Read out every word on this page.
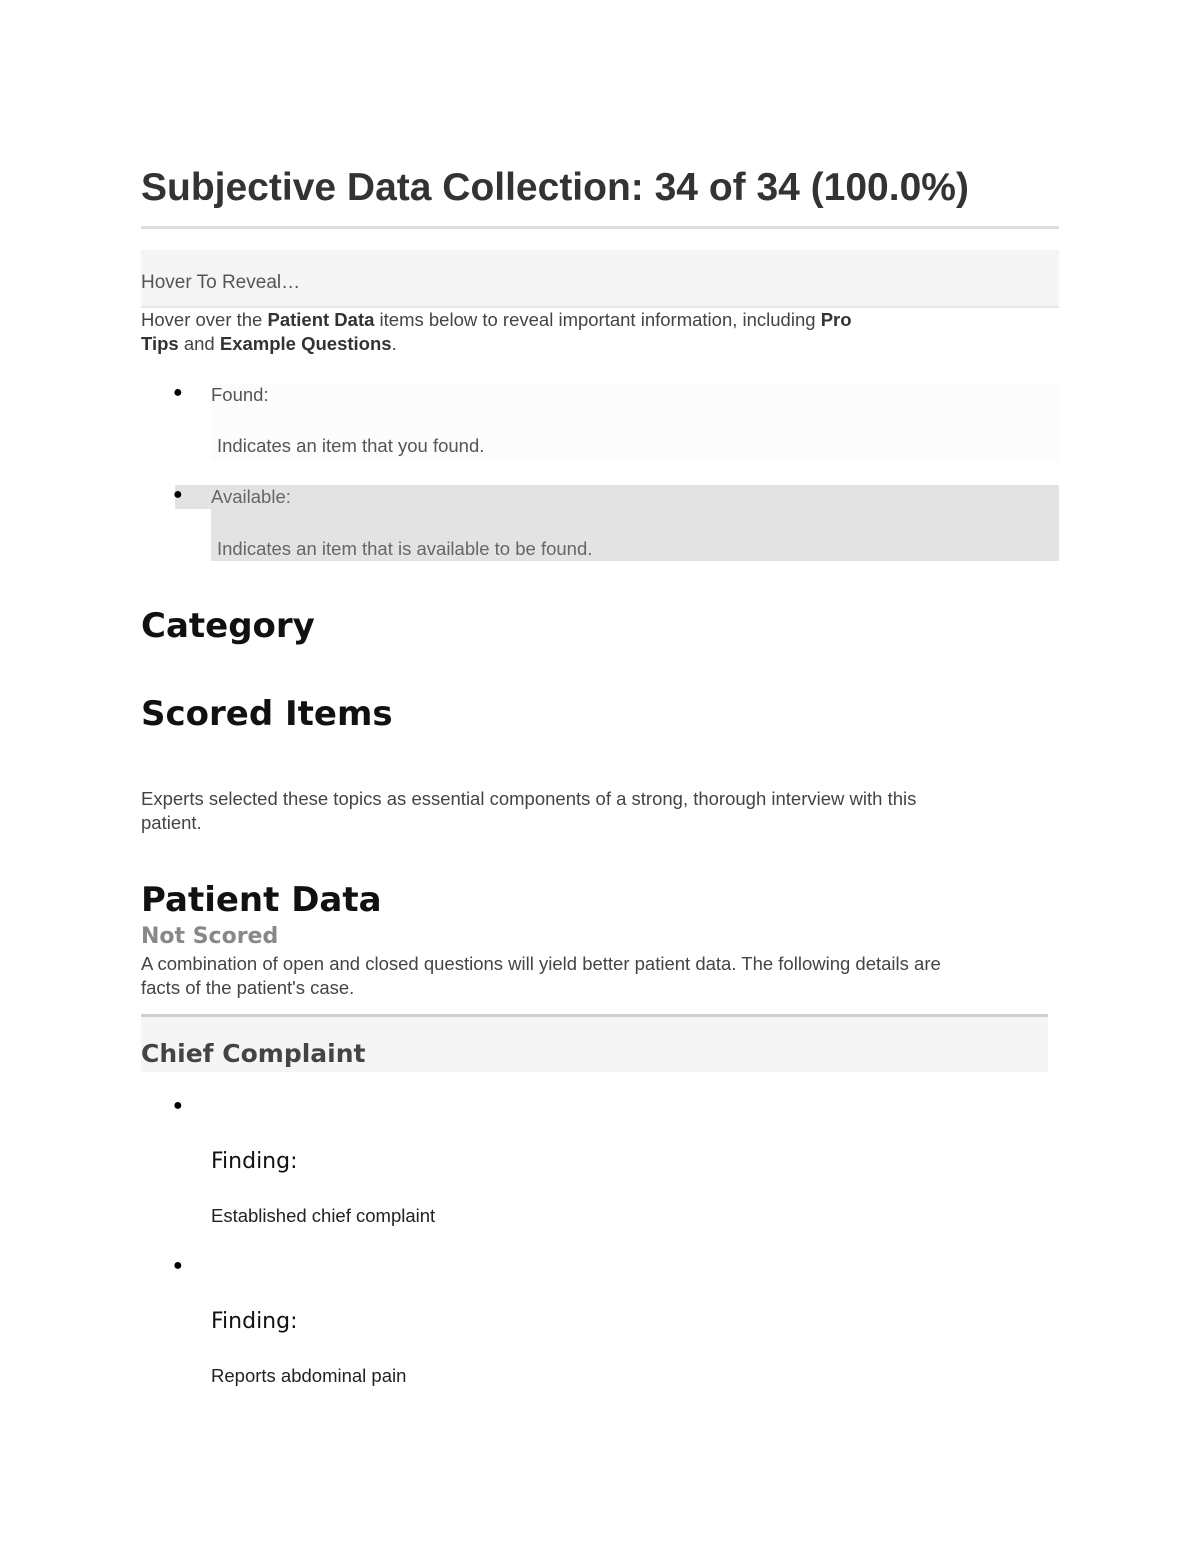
Subjective Data Collection: 34 of 34 (100.0%)
Hover To Reveal…
Hover over the Patient Data items below to reveal important information, including Pro
Tips and Example Questions.
● Found:
Indicates an item that you found.
● Available:
Indicates an item that is available to be found.
Category
Scored Items
Experts selected these topics as essential components of a strong, thorough interview with this
patient.
Patient Data
Not Scored
A combination of open and closed questions will yield better patient data. The following details are
facts of the patient's case.
Chief Complaint
●
Finding:
Established chief complaint
●
Finding:
Reports abdominal pain
